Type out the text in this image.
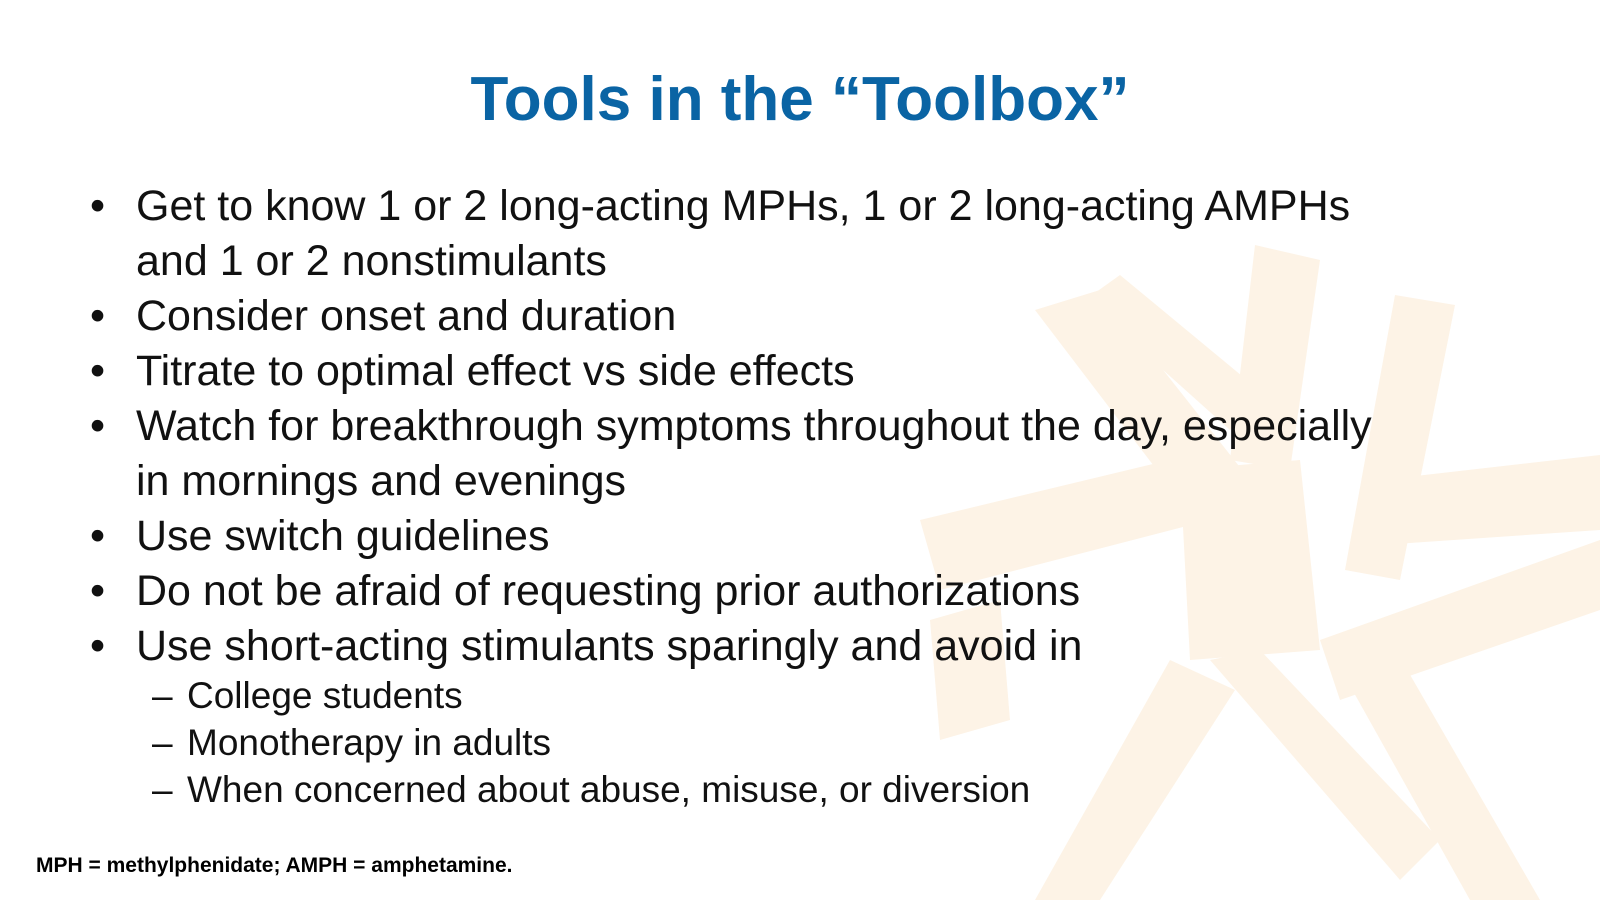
Tools in the “Toolbox”
• Get to know 1 or 2 long-acting MPHs, 1 or 2 long-acting AMPHs
and 1 or 2 nonstimulants
• Consider onset and duration
• Titrate to optimal effect vs side effects
• Watch for breakthrough symptoms throughout the day, especially
in mornings and evenings
• Use switch guidelines
• Do not be afraid of requesting prior authorizations
• Use short-acting stimulants sparingly and avoid in
– College students
– Monotherapy in adults
– When concerned about abuse, misuse, or diversion
MPH = methylphenidate; AMPH = amphetamine.
